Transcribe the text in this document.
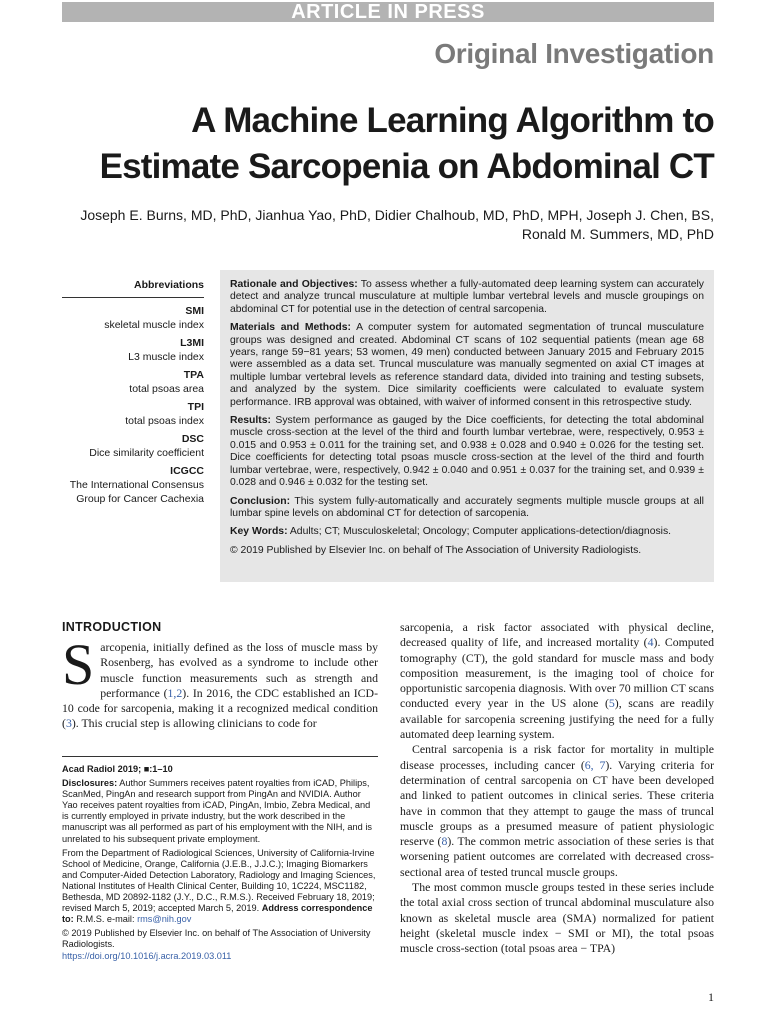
ARTICLE IN PRESS
Original Investigation
A Machine Learning Algorithm to
Estimate Sarcopenia on Abdominal CT
Joseph E. Burns, MD, PhD, Jianhua Yao, PhD, Didier Chalhoub, MD, PhD, MPH, Joseph J. Chen, BS,
Ronald M. Summers, MD, PhD
Abbreviations
SMI
skeletal muscle index
L3MI
L3 muscle index
TPA
total psoas area
TPI
total psoas index
DSC
Dice similarity coefficient
ICGCC
The International Consensus Group for Cancer Cachexia

Rationale and Objectives: To assess whether a fully-automated deep learning system can accurately detect and analyze truncal musculature at multiple lumbar vertebral levels and muscle groupings on abdominal CT for potential use in the detection of central sarcopenia.

Materials and Methods: A computer system for automated segmentation of truncal musculature groups was designed and created. Abdominal CT scans of 102 sequential patients (mean age 68 years, range 59−81 years; 53 women, 49 men) conducted between January 2015 and February 2015 were assembled as a data set. Truncal musculature was manually segmented on axial CT images at multiple lumbar vertebral levels as reference standard data, divided into training and testing subsets, and analyzed by the system. Dice similarity coefficients were calculated to evaluate system performance. IRB approval was obtained, with waiver of informed consent in this retrospective study.

Results: System performance as gauged by the Dice coefficients, for detecting the total abdominal muscle cross-section at the level of the third and fourth lumbar vertebrae, were, respectively, 0.953 ± 0.015 and 0.953 ± 0.011 for the training set, and 0.938 ± 0.028 and 0.940 ± 0.026 for the testing set. Dice coefficients for detecting total psoas muscle cross-section at the level of the third and fourth lumbar vertebrae, were, respectively, 0.942 ± 0.040 and 0.951 ± 0.037 for the training set, and 0.939 ± 0.028 and 0.946 ± 0.032 for the testing set.

Conclusion: This system fully-automatically and accurately segments multiple muscle groups at all lumbar spine levels on abdominal CT for detection of sarcopenia.

Key Words: Adults; CT; Musculoskeletal; Oncology; Computer applications-detection/diagnosis.

© 2019 Published by Elsevier Inc. on behalf of The Association of University Radiologists.

INTRODUCTION
Sarcopenia, initially defined as the loss of muscle mass by Rosenberg, has evolved as a syndrome to include other muscle function measurements such as strength and performance (1,2). In 2016, the CDC established an ICD-10 code for sarcopenia, making it a recognized medical condition (3). This crucial step is allowing clinicians to code for

sarcopenia, a risk factor associated with physical decline, decreased quality of life, and increased mortality (4). Computed tomography (CT), the gold standard for muscle mass and body composition measurement, is the imaging tool of choice for opportunistic sarcopenia diagnosis. With over 70 million CT scans conducted every year in the US alone (5), scans are readily available for sarcopenia screening justifying the need for a fully automated deep learning system.

Central sarcopenia is a risk factor for mortality in multiple disease processes, including cancer (6, 7). Varying criteria for determination of central sarcopenia on CT have been developed and linked to patient outcomes in clinical series. These criteria have in common that they attempt to gauge the mass of truncal muscle groups as a presumed measure of patient physiologic reserve (8). The common metric association of these series is that worsening patient outcomes are correlated with decreased cross-sectional area of tested truncal muscle groups.

The most common muscle groups tested in these series include the total axial cross section of truncal abdominal musculature also known as skeletal muscle area (SMA) normalized for patient height (skeletal muscle index − SMI or MI), the total psoas muscle cross-section (total psoas area − TPA)

Acad Radiol 2019; ■:1–10

Disclosures: Author Summers receives patent royalties from iCAD, Philips, ScanMed, PingAn and research support from PingAn and NVIDIA. Author Yao receives patent royalties from iCAD, PingAn, Imbio, Zebra Medical, and is currently employed in private industry, but the work described in the manuscript was all performed as part of his employment with the NIH, and is unrelated to his subsequent private employment.

From the Department of Radiological Sciences, University of California-Irvine School of Medicine, Orange, California (J.E.B., J.J.C.); Imaging Biomarkers and Computer-Aided Detection Laboratory, Radiology and Imaging Sciences, National Institutes of Health Clinical Center, Building 10, 1C224, MSC1182, Bethesda, MD 20892-1182 (J.Y., D.C., R.M.S.). Received February 18, 2019; revised March 5, 2019; accepted March 5, 2019. Address correspondence to: R.M.S. e-mail: rms@nih.gov

© 2019 Published by Elsevier Inc. on behalf of The Association of University Radiologists.
https://doi.org/10.1016/j.acra.2019.03.011

1
